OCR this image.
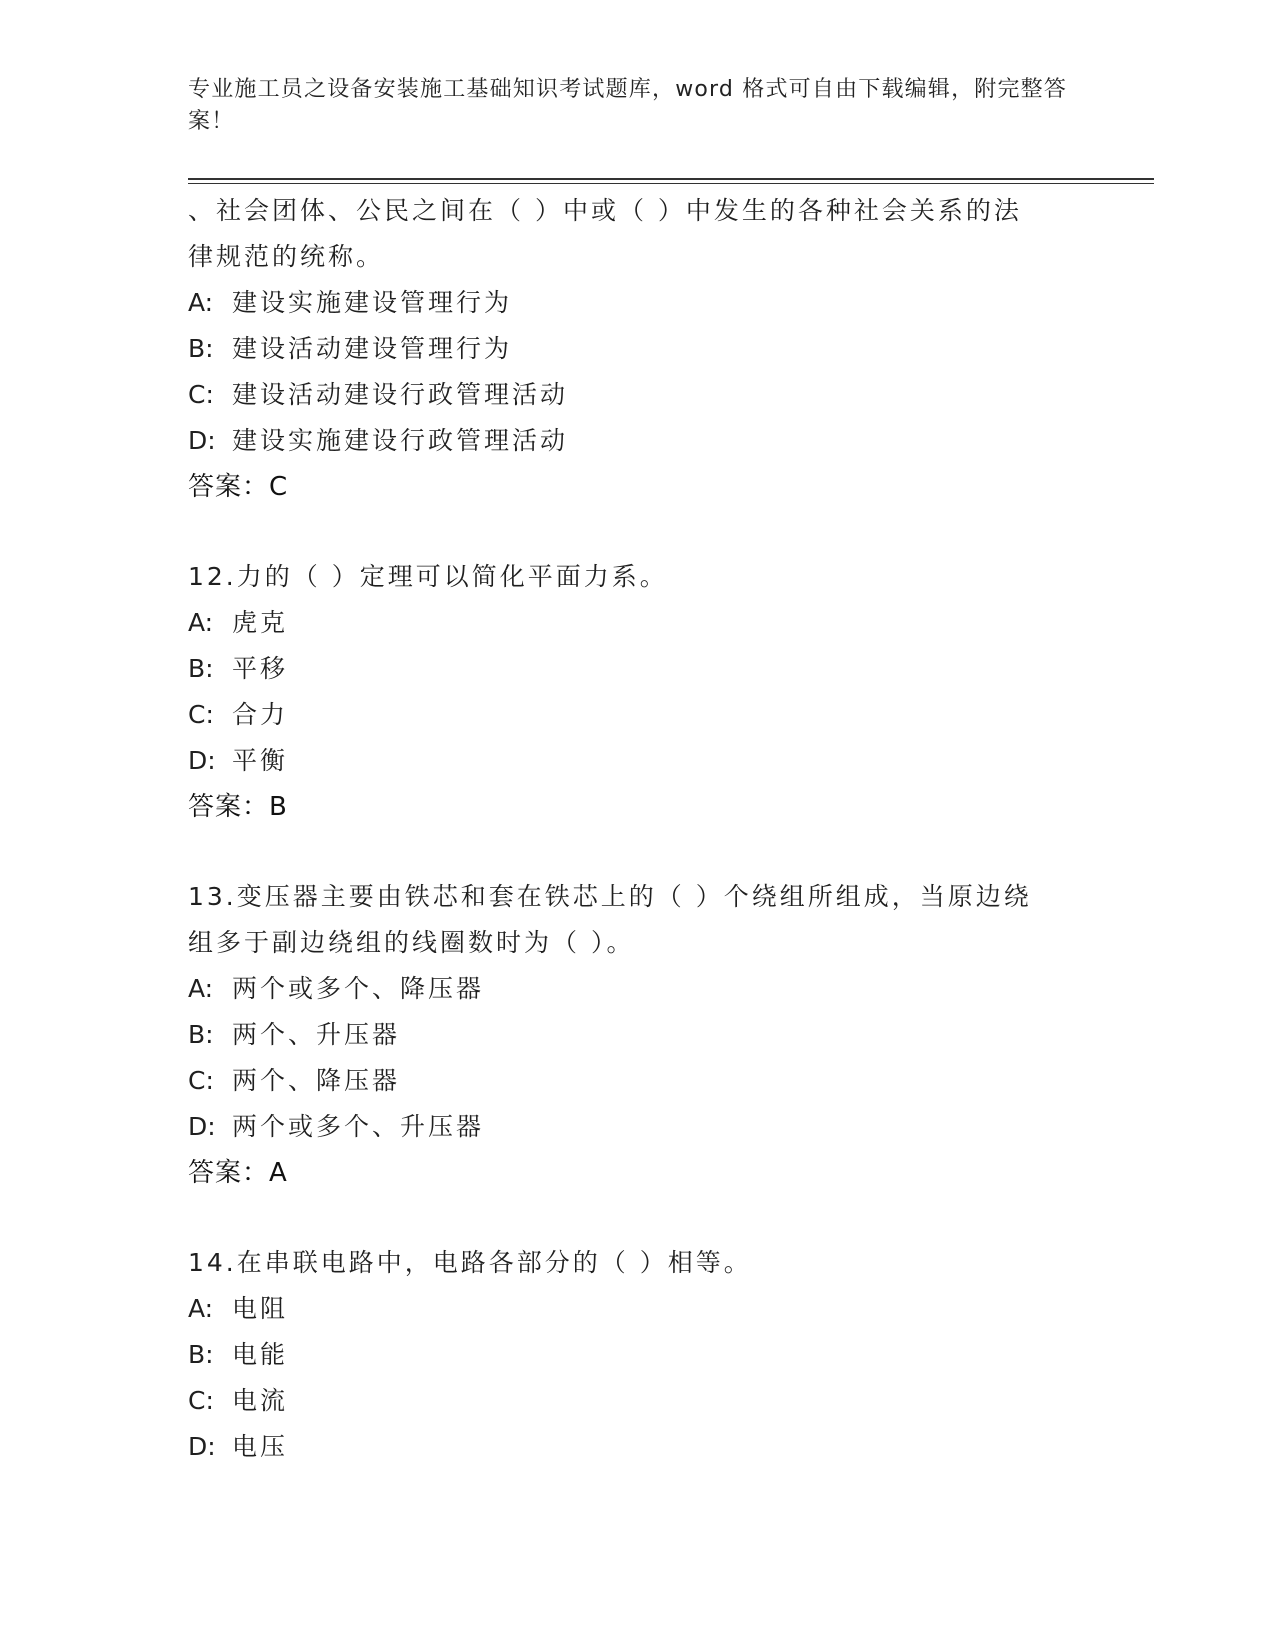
专业施工员之设备安装施工基础知识考试题库，word 格式可自由下载编辑，附完整答案！
、社会团体、公民之间在（ ）中或（ ）中发生的各种社会关系的法
律规范的统称。
A: 建设实施建设管理行为
B: 建设活动建设管理行为
C: 建设活动建设行政管理活动
D: 建设实施建设行政管理活动
答案：C
12.力的（ ）定理可以简化平面力系。
A: 虎克
B: 平移
C: 合力
D: 平衡
答案：B
13.变压器主要由铁芯和套在铁芯上的（ ）个绕组所组成，当原边绕
组多于副边绕组的线圈数时为（ ）。
A: 两个或多个、降压器
B: 两个、升压器
C: 两个、降压器
D: 两个或多个、升压器
答案：A
14.在串联电路中，电路各部分的（ ）相等。
A: 电阻
B: 电能
C: 电流
D: 电压
